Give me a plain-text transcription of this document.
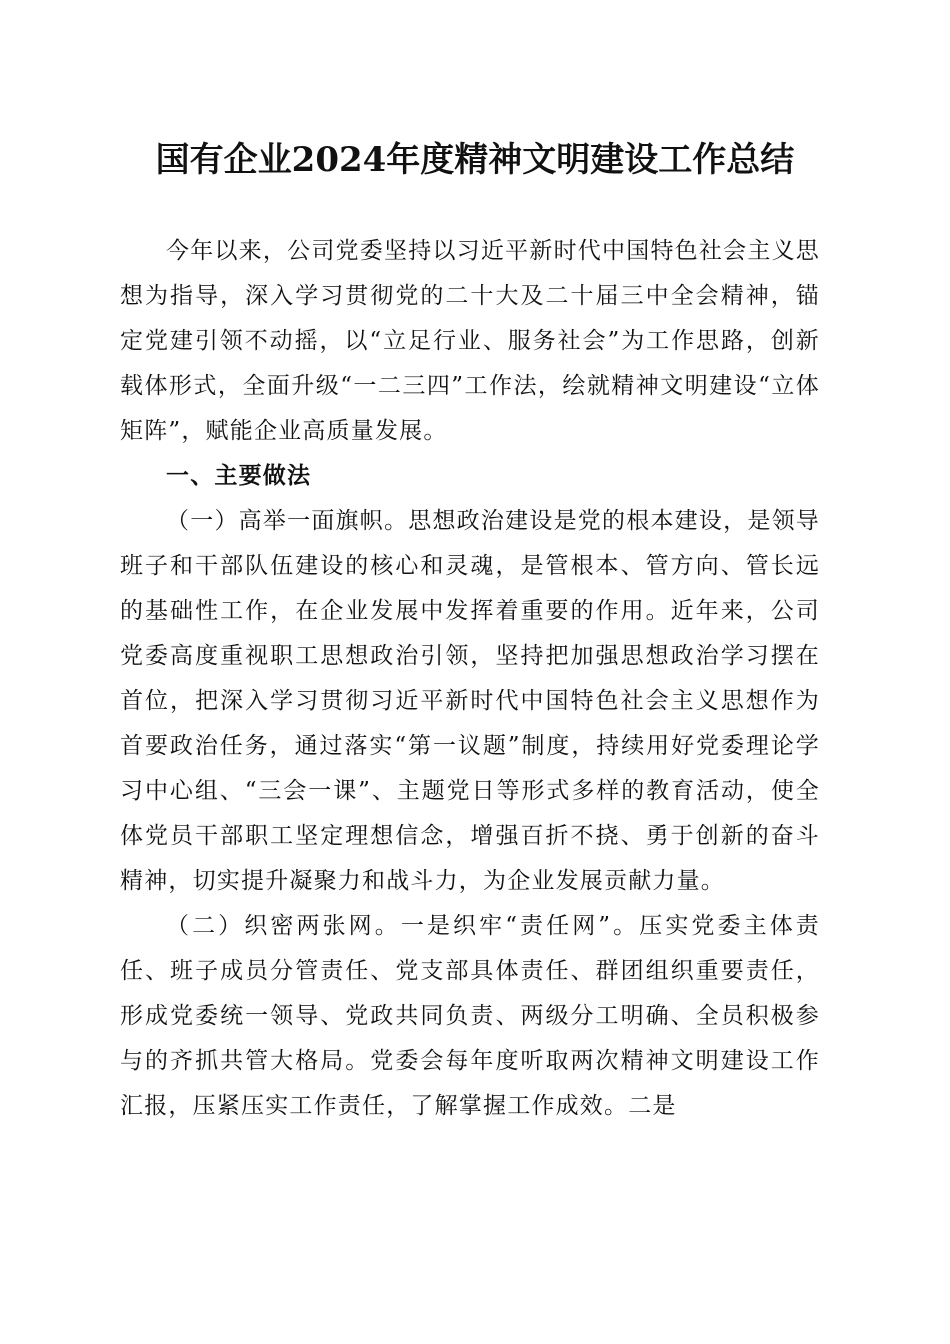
国有企业2024年度精神文明建设工作总结

今年以来，公司党委坚持以习近平新时代中国特色社会主义思想为指导，深入学习贯彻党的二十大及二十届三中全会精神，锚定党建引领不动摇，以“立足行业、服务社会”为工作思路，创新载体形式，全面升级“一二三四”工作法，绘就精神文明建设“立体矩阵”，赋能企业高质量发展。

一、主要做法

（一）高举一面旗帜。思想政治建设是党的根本建设，是领导班子和干部队伍建设的核心和灵魂，是管根本、管方向、管长远的基础性工作，在企业发展中发挥着重要的作用。近年来，公司党委高度重视职工思想政治引领，坚持把加强思想政治学习摆在首位，把深入学习贯彻习近平新时代中国特色社会主义思想作为首要政治任务，通过落实“第一议题”制度，持续用好党委理论学习中心组、“三会一课”、主题党日等形式多样的教育活动，使全体党员干部职工坚定理想信念，增强百折不挠、勇于创新的奋斗精神，切实提升凝聚力和战斗力，为企业发展贡献力量。

（二）织密两张网。一是织牢“责任网”。压实党委主体责任、班子成员分管责任、党支部具体责任、群团组织重要责任，形成党委统一领导、党政共同负责、两级分工明确、全员积极参与的齐抓共管大格局。党委会每年度听取两次精神文明建设工作汇报，压紧压实工作责任，了解掌握工作成效。二是
